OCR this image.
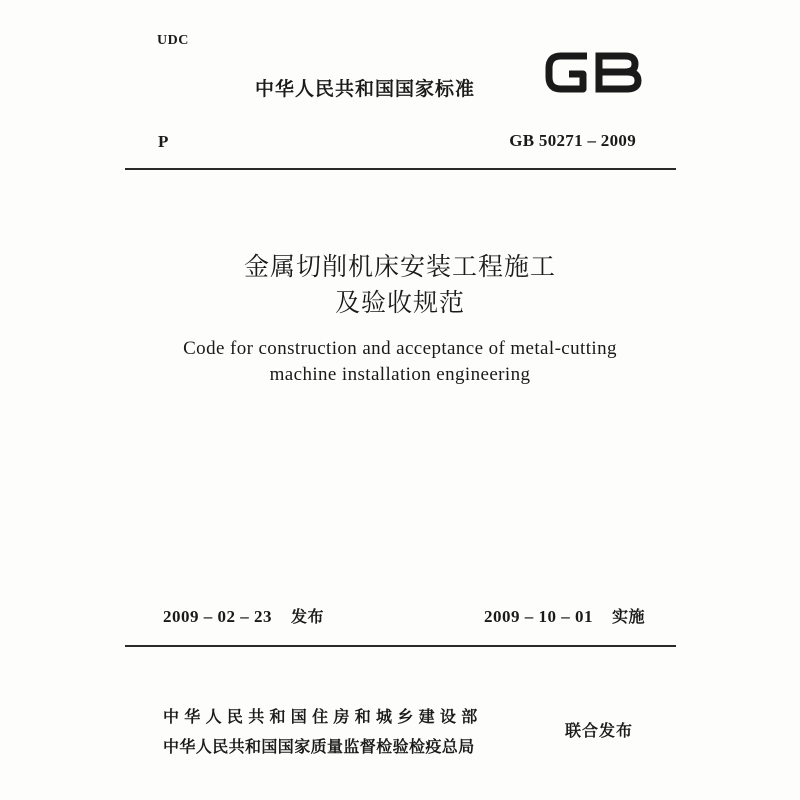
UDC
中华人民共和国国家标准
P	GB 50271 – 2009
金属切削机床安装工程施工
及验收规范
Code for construction and acceptance of metal-cutting
machine installation engineering
2009 – 02 – 23 发布	2009 – 10 – 01 实施
中华人民共和国住房和城乡建设部
中华人民共和国国家质量监督检验检疫总局
联合发布
